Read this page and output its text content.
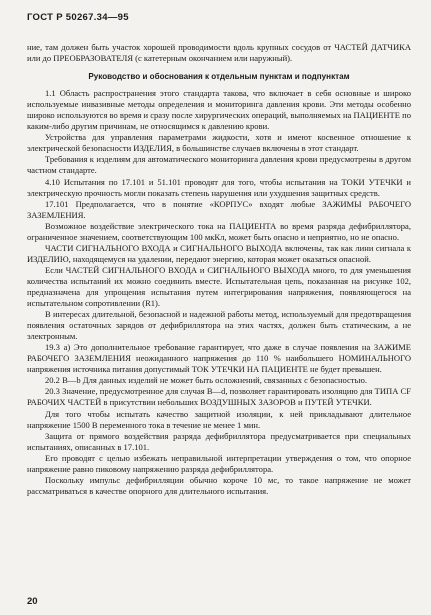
ГОСТ Р 50267.34—95

ние, там должен быть участок хорошей проводимости вдоль крупных сосудов от ЧАСТЕЙ ДАТЧИКА или до ПРЕОБРАЗОВАТЕЛЯ (с катетерным окончанием или наружный).

Руководство и обоснования к отдельным пунктам и подпунктам

1.1 Область распространения этого стандарта такова, что включает в себя основные и широко используемые инвазивные методы определения и мониторинга давления крови. Эти методы особенно широко используются во время и сразу после хирургических операций, выполняемых на ПАЦИЕНТЕ по каким-либо другим причинам, не относящимся к давлению крови.

Устройства для управления параметрами жидкости, хотя и имеют косвенное отношение к электрической безопасности ИЗДЕЛИЯ, в большинстве случаев включены в этот стандарт.

Требования к изделиям для автоматического мониторинга давления крови предусмотрены в другом частном стандарте.

4.10 Испытания по 17.101 и 51.101 проводят для того, чтобы испытания на ТОКИ УТЕЧКИ и электрическую прочность могли показать степень нарушения или ухудшения защитных средств.

17.101 Предполагается, что в понятие «КОРПУС» входят любые ЗАЖИМЫ РАБОЧЕГО ЗАЗЕМЛЕНИЯ.

Возможное воздействие электрического тока на ПАЦИЕНТА во время разряда дефибриллятора, ограниченное значением, соответствующим 100 мкКл, может быть опасно и неприятно, но не опасно.

ЧАСТИ СИГНАЛЬНОГО ВХОДА и СИГНАЛЬНОГО ВЫХОДА включены, так как лини сигнала к ИЗДЕЛИЮ, находящемуся на удалении, передают энергию, которая может оказаться опасной.

Если ЧАСТЕЙ СИГНАЛЬНОГО ВХОДА и СИГНАЛЬНОГО ВЫХОДА много, то для уменьшения количества испытаний их можно соединить вместе. Испытательная цепь, показанная на рисунке 102, предназначена для упрощения испытания путем интегрирования напряжения, появляющегося на испытательном сопротивлении (R1).

В интересах длительной, безопасной и надежной работы метод, используемый для предотвращения появления остаточных зарядов от дефибриллятора на этих частях, должен быть статическим, а не электронным.

19.3 а) Это дополнительное требование гарантирует, что даже в случае появления на ЗАЖИМЕ РАБОЧЕГО ЗАЗЕМЛЕНИЯ неожиданного напряжения до 110 % наибольшего НОМИНАЛЬНОГО напряжения источника питания допустимый ТОК УТЕЧКИ НА ПАЦИЕНТЕ не будет превышен.

20.2 В—b Для данных изделий не может быть осложнений, связанных с безопасностью.

20.3 Значение, предусмотренное для случая В—d, позволяет гарантировать изоляцию для ТИПА CF РАБОЧИХ ЧАСТЕЙ в присутствии небольших ВОЗДУШНЫХ ЗАЗОРОВ и ПУТЕЙ УТЕЧКИ.

Для того чтобы испытать качество защитной изоляции, к ней прикладывают длительное напряжение 1500 В переменного тока в течение не менее 1 мин.

Защита от прямого воздействия разряда дефибриллятора предусматривается при специальных испытаниях, описанных в 17.101.

Его проводят с целью избежать неправильной интерпретации утверждения о том, что опорное напряжение равно пиковому напряжению разряда дефибриллятора.

Поскольку импульс дефибрилляции обычно короче 10 мс, то такое напряжение не может рассматриваться в качестве опорного для длительного испытания.

20
